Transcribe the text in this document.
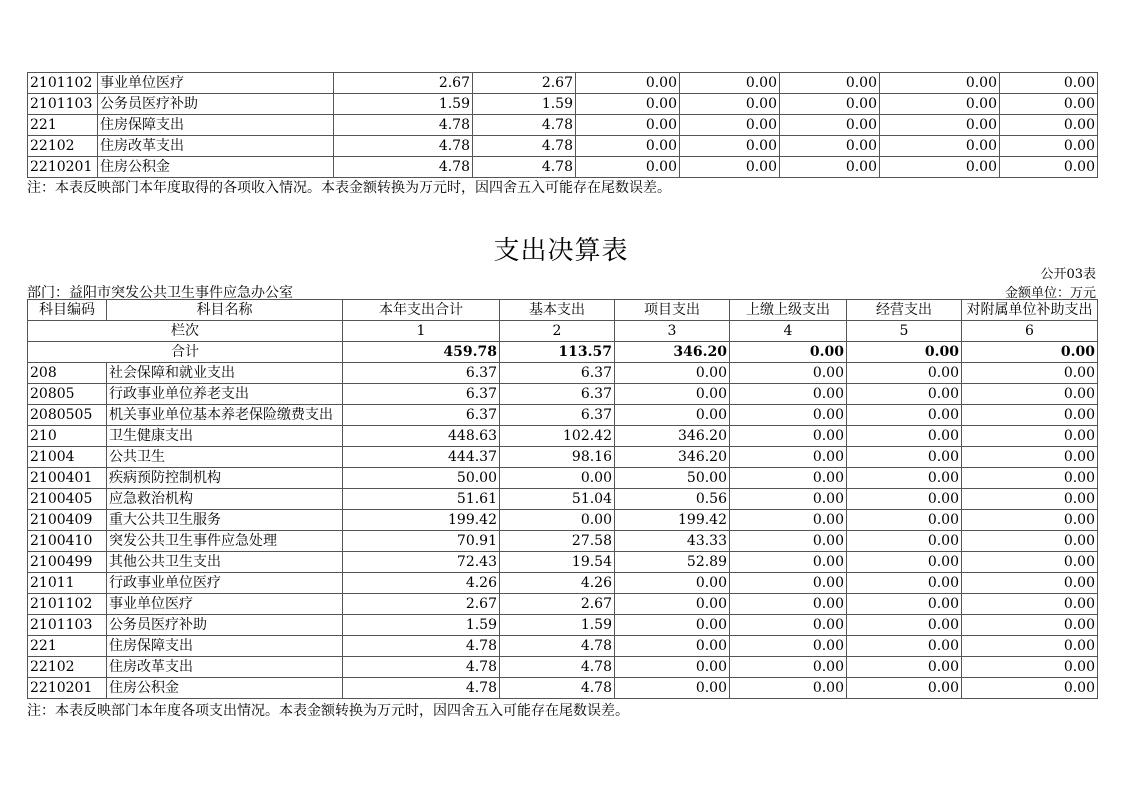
2101102	事业单位医疗	2.67	2.67	0.00	0.00	0.00	0.00	0.00
2101103	公务员医疗补助	1.59	1.59	0.00	0.00	0.00	0.00	0.00
221	住房保障支出	4.78	4.78	0.00	0.00	0.00	0.00	0.00
22102	住房改革支出	4.78	4.78	0.00	0.00	0.00	0.00	0.00
2210201	住房公积金	4.78	4.78	0.00	0.00	0.00	0.00	0.00
注：本表反映部门本年度取得的各项收入情况。本表金额转换为万元时，因四舍五入可能存在尾数误差。
支出决算表
公开03表
部门：益阳市突发公共卫生事件应急办公室	金额单位：万元
科目编码	科目名称	本年支出合计	基本支出	项目支出	上缴上级支出	经营支出	对附属单位补助支出
栏次		1	2	3	4	5	6
合计		459.78	113.57	346.20	0.00	0.00	0.00
208	社会保障和就业支出	6.37	6.37	0.00	0.00	0.00	0.00
20805	行政事业单位养老支出	6.37	6.37	0.00	0.00	0.00	0.00
2080505	机关事业单位基本养老保险缴费支出	6.37	6.37	0.00	0.00	0.00	0.00
210	卫生健康支出	448.63	102.42	346.20	0.00	0.00	0.00
21004	公共卫生	444.37	98.16	346.20	0.00	0.00	0.00
2100401	疾病预防控制机构	50.00	0.00	50.00	0.00	0.00	0.00
2100405	应急救治机构	51.61	51.04	0.56	0.00	0.00	0.00
2100409	重大公共卫生服务	199.42	0.00	199.42	0.00	0.00	0.00
2100410	突发公共卫生事件应急处理	70.91	27.58	43.33	0.00	0.00	0.00
2100499	其他公共卫生支出	72.43	19.54	52.89	0.00	0.00	0.00
21011	行政事业单位医疗	4.26	4.26	0.00	0.00	0.00	0.00
2101102	事业单位医疗	2.67	2.67	0.00	0.00	0.00	0.00
2101103	公务员医疗补助	1.59	1.59	0.00	0.00	0.00	0.00
221	住房保障支出	4.78	4.78	0.00	0.00	0.00	0.00
22102	住房改革支出	4.78	4.78	0.00	0.00	0.00	0.00
2210201	住房公积金	4.78	4.78	0.00	0.00	0.00	0.00
注：本表反映部门本年度各项支出情况。本表金额转换为万元时，因四舍五入可能存在尾数误差。
